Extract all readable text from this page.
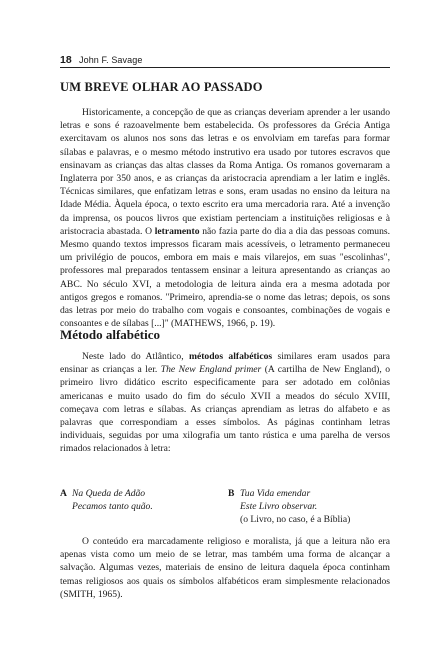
18 John F. Savage
UM BREVE OLHAR AO PASSADO

Historicamente, a concepção de que as crianças deveriam aprender a ler usando letras e sons é razoavelmente bem estabelecida. Os professores da Grécia Antiga exercitavam os alunos nos sons das letras e os envolviam em tarefas para formar sílabas e palavras, e o mesmo método instrutivo era usado por tutores escravos que ensinavam as crianças das altas classes da Roma Antiga. Os romanos governaram a Inglaterra por 350 anos, e as crianças da aristocracia aprendiam a ler latim e inglês. Técnicas similares, que enfatizam letras e sons, eram usadas no ensino da leitura na Idade Média. Àquela época, o texto escrito era uma mercadoria rara. Até a invenção da imprensa, os poucos livros que existiam pertenciam a instituições religiosas e à aristocracia abastada. O letramento não fazia parte do dia a dia das pessoas comuns. Mesmo quando textos impressos ficaram mais acessíveis, o letramento permaneceu um privilégio de poucos, embora em mais e mais vilarejos, em suas "escolinhas", professores mal preparados tentassem ensinar a leitura apresentando as crianças ao ABC. No século XVI, a metodologia de leitura ainda era a mesma adotada por antigos gregos e romanos. "Primeiro, aprendia-se o nome das letras; depois, os sons das letras por meio do trabalho com vogais e consoantes, combinações de vogais e consoantes e de sílabas [...]" (MATHEWS, 1966, p. 19).

Método alfabético

Neste lado do Atlântico, métodos alfabéticos similares eram usados para ensinar as crianças a ler. The New England primer (A cartilha de New England), o primeiro livro didático escrito especificamente para ser adotado em colônias americanas e muito usado do fim do século XVII a meados do século XVIII, começava com letras e sílabas. As crianças aprendiam as letras do alfabeto e as palavras que correspondiam a esses símbolos. As páginas continham letras individuais, seguidas por uma xilografia um tanto rústica e uma parelha de versos rimados relacionados à letra:

A Na Queda de Adão
Pecamos tanto quão.
B Tua Vida emendar
Este Livro observar.
(o Livro, no caso, é a Bíblia)

O conteúdo era marcadamente religioso e moralista, já que a leitura não era apenas vista como um meio de se letrar, mas também uma forma de alcançar a salvação. Algumas vezes, materiais de ensino de leitura daquela época continham temas religiosos aos quais os símbolos alfabéticos eram simplesmente relacionados (SMITH, 1965).
